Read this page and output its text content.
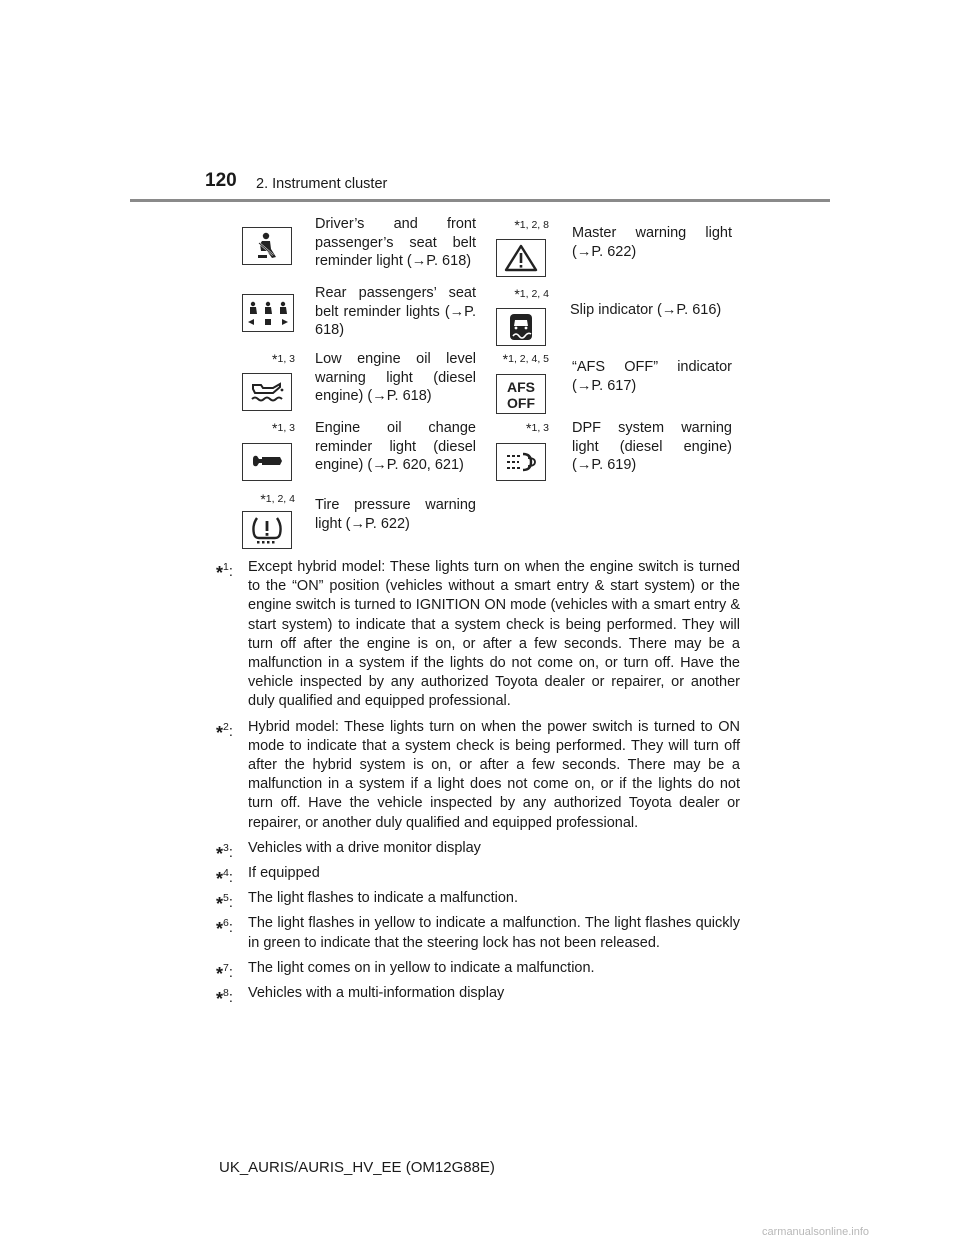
120 2. Instrument cluster
Driver’s and front passenger’s seat belt reminder light (→P. 618)
Rear passengers’ seat belt reminder lights (→P. 618)
*1, 3 Low engine oil level warning light (diesel engine) (→P. 618)
*1, 3 Engine oil change reminder light (diesel engine) (→P. 620, 621)
*1, 2, 4 Tire pressure warning light (→P. 622)
*1, 2, 8 Master warning light (→P. 622)
*1, 2, 4
Slip indicator (→P. 616)
*1, 2, 4, 5
AFS
OFF
“AFS OFF” indicator (→P. 617)
*1, 3 DPF system warning light (diesel engine) (→P. 619)
*$^1$: Except hybrid model: These lights turn on when the engine switch is turned to the “ON” position (vehicles without a smart entry & start system) or the engine switch is turned to IGNITION ON mode (vehicles with a smart entry & start system) to indicate that a system check is being performed. They will turn off after the engine is on, or after a few seconds. There may be a malfunction in a system if the lights do not come on, or turn off. Have the vehicle inspected by any authorized Toyota dealer or repairer, or another duly qualified and equipped professional.
*$^2$: Hybrid model: These lights turn on when the power switch is turned to ON mode to indicate that a system check is being performed. They will turn off after the hybrid system is on, or after a few seconds. There may be a malfunction in a system if a light does not come on, or if the lights do not turn off. Have the vehicle inspected by any authorized Toyota dealer or repairer, or another duly qualified and equipped professional.
*$^3$: Vehicles with a drive monitor display
*$^4$: If equipped
*$^5$: The light flashes to indicate a malfunction.
*$^6$: The light flashes in yellow to indicate a malfunction. The light flashes quickly in green to indicate that the steering lock has not been released.
*$^7$: The light comes on in yellow to indicate a malfunction.
*$^8$: Vehicles with a multi-information display
UK_AURIS/AURIS_HV_EE (OM12G88E)
carmanualsonline.info
